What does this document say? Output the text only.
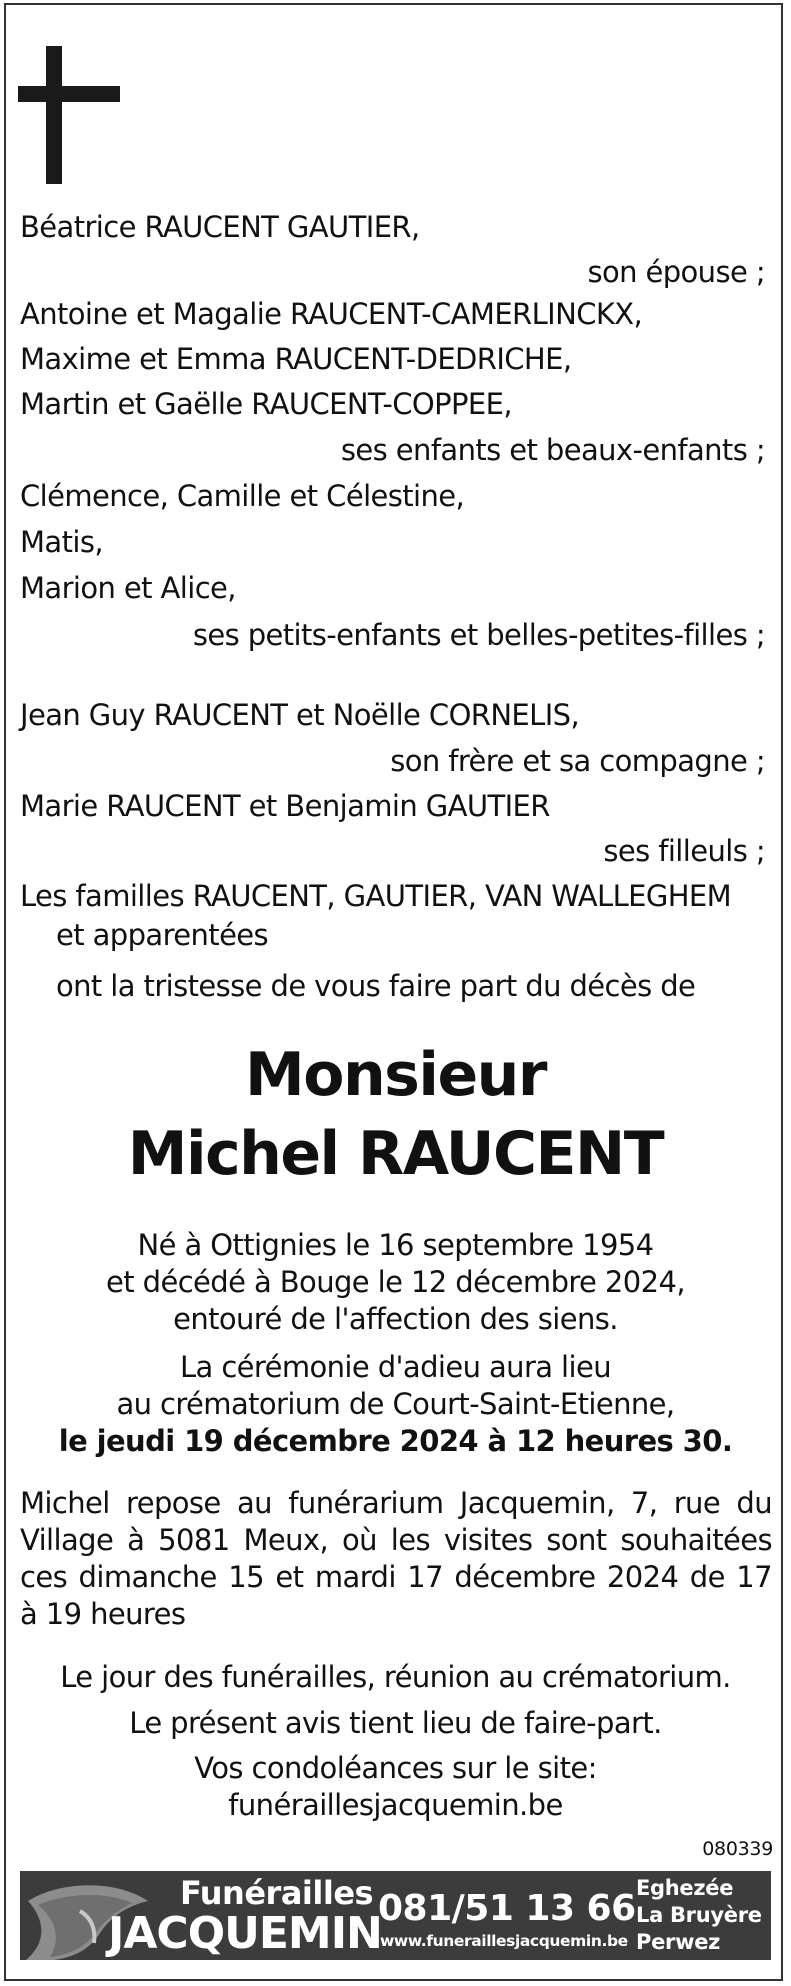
Béatrice RAUCENT GAUTIER,
son épouse ;
Antoine et Magalie RAUCENT-CAMERLINCKX,
Maxime et Emma RAUCENT-DEDRICHE,
Martin et Gaëlle RAUCENT-COPPEE,
ses enfants et beaux-enfants ;
Clémence, Camille et Célestine,
Matis,
Marion et Alice,
ses petits-enfants et belles-petites-filles ;
Jean Guy RAUCENT et Noëlle CORNELIS,
son frère et sa compagne ;
Marie RAUCENT et Benjamin GAUTIER
ses filleuls ;
Les familles RAUCENT, GAUTIER, VAN WALLEGHEM
et apparentées
ont la tristesse de vous faire part du décès de
Monsieur
Michel RAUCENT
Né à Ottignies le 16 septembre 1954
et décédé à Bouge le 12 décembre 2024,
entouré de l'affection des siens.
La cérémonie d'adieu aura lieu
au crématorium de Court-Saint-Etienne,
le jeudi 19 décembre 2024 à 12 heures 30.
Michel repose au funérarium Jacquemin, 7, rue du Village à 5081 Meux, où les visites sont souhaitées ces dimanche 15 et mardi 17 décembre 2024 de 17 à 19 heures
Le jour des funérailles, réunion au crématorium.
Le présent avis tient lieu de faire-part.
Vos condoléances sur le site:
funéraillesjacquemin.be
080339
Funérailles
JACQUEMIN
081/51 13 66
www.funeraillesjacquemin.be
Eghezée
La Bruyère
Perwez
